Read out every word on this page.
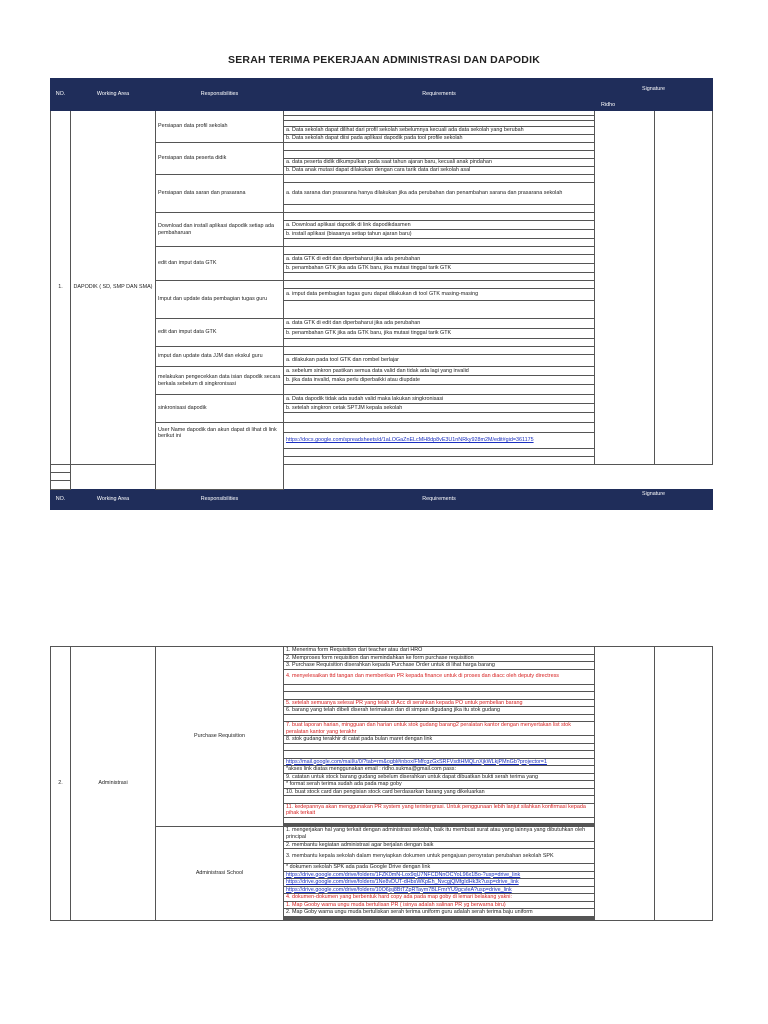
SERAH TERIMA PEKERJAAN ADMINISTRASI DAN DAPODIK
NO.	Working Area	Responsibilities	Requirements	Signature	
				Ridho	
1.	DAPODIK ( SD, SMP DAN SMA)	Persiapan data profil sekolah			

			a. Data sekolah dapat dilihat dari profil sekolah sebelumnya kecuali ada data sekolah yang berubah		
			b. Data sekolah dapat diisi pada aplikasi dapodik pada tool profile sekolah		
		Persiapan data peserta didik			

			a. data peserta didik dikumpulkan pada saat tahun ajaran baru, kecuali anak pindahan		
			b. Data anak mutasi dapat dilakukan dengan cara tarik data dari sekolah asal		
		Persiapan data saran dan prasarana			
			a. data sarana dan prasarana hanya dilakukan jika ada perubahan dan penambahan sarana dan prasarana sekolah		

		Download dan install aplikasi dapodik setiap ada pembaharuan			
			a. Download aplikasi dapodik di link dapodikdasmen		
			b. install aplikasi (biasanya setiap tahun ajaran baru)		

		edit dan imput data GTK			
			a. data GTK di edit dan diperbaharui jika ada perubahan		
			b. penambahan GTK jika ada GTK baru, jika mutasi tinggal tarik GTK		

		Imput dan update data pembagian tugas guru			
			a. imput data pembagian tugas guru dapat dilakukan di tool GTK masing-masing		

		edit dan imput data GTK	a. data GTK di edit dan diperbaharui jika ada perubahan		
			b. penambahan GTK jika ada GTK baru, jika mutasi tinggal tarik GTK		

		imput dan update data JJM dan ekskul guru			
			a. dilakukan pada tool GTK dan rombel berlajar		
		melakukan pengecekkan data isian dapodik secara berkala sebelum di singkronisasi	a. sebelum sinkron pastikan semua data valid dan tidak ada lagi yang invalid		
			b. jika data invalid, maka perlu diperbaikki atau diupdate		

		sinkronisasi dapodik	a. Data dapodik tidak ada sudah valid maka lakukan singkronisasi		
			b. setelah singkron cetak SPTJM kepala sekolah		

		User Name dapodik dan akun dapat di lihat di link berikut ini			
			https://docs.google.com/spreadsheets/d/1aLOGaZnELcMH8dp8vE3U1nNRky928m2M/edit#gid=361175		

NO.	Working Area	Responsibilities	Requirements	Signature	

2.	Administrasi	Purchase Requisition	1. Menerima form Requisition dari teacher atau dari HRO		
			2. Memproses form requisition dan memindahkan ke form purchase requisition		
			3. Purchase Requisition diserahkan kepada Purchase Order untuk di lihat harga barang		
			4. menyelesaikan ttd tangan dan memberikan PR kepada finance untuk di proses dan diacc oleh deputy directress		

			5. setelah semuanya selesai PR yang telah di Acc di serahkan kepada PO untuk pembelian barang		
			6. barang yang telah dibeli diserah terimakan dan di simpan digudang jika itu stok gudang		

			7. buat laporan harian, mingguan dan harian untuk stok gudang barang2 peralatan kantor dengan menyertakan list stok peralatan kantor yang terakhr		
			8. stok gudang terakhir di catat pada bulan maret dengan link		

			https://mail.google.com/mail/u/0/?tab=rm&ogbl#inbox/FMfcgzGxSRFVsdtHMQLnXjkWLkjPMnGb?projector=1		
			*akses link diatas menggunakan email : ridho.sukma@gmail.com pass:		
			9. catatan untuk stock barang gudang sebelum diserahkan untuk dapat dibuatkan bukti serah terima yang		
			* format serah terima sudah ada pada map goby		
			10. buat stock card dan pengisian stock card berdasarkan barang yang dikeluarkan		

			11. kedepannya akan menggunakan PR system yang terintergrasi. Untuk penggunaan lebih lanjut silahkan konfirmasi kepada pihak terkait		

		Administrasi School	1. mengerjakan hal yang terkait dengan administrasi sekolah, baik itu membuat surat atau yang lainnya yang dibutuhkan oleh principal		
			2. membantu kegiatan administrasi agar berjalan dengan baik		
			3. membantu kepala sekolah dalam menyiapkan dokumen untuk pengajuan peroyratan perubahan sekolah SPK		
			* dokumen sekolah SPK ada pada Google Drive dengan link		
			https://drive.google.com/drive/folders/1FZK0mN-Lox9qU7NFCDNnOCYoL96x1Bo-?usp=drive_link		
			https://drive.google.com/drive/folders/1Ne8vDUT-dHbsWKpEh_NvcgjQMfgIdHk3k?usp=drive_link		
			https://drive.google.com/drive/folders/10O6jsj8BtTZpRTaym7BLFmrYU9gcvleA?usp=drive_link		
			4. dokumen-dokumen yang berbentuk hard copy ada pada map goby di lemari belakang yakni:		
			1. Map Gooby warna ungu muda bertulisan PR ( isinya adalah salinan PR yg berwarna biru)		
			2. Map Goby warna ungu muda bertuliskan serah terima uniform guru adalah serah terima baju uniform		
